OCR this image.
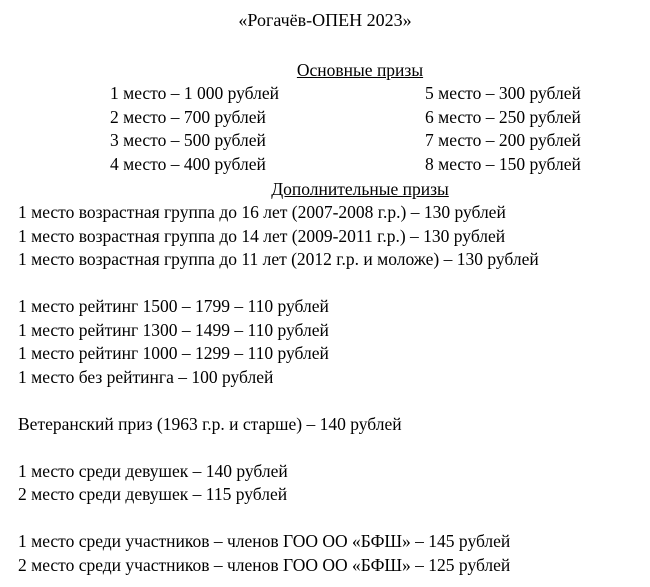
«Рогачёв-ОПЕН 2023»
Основные призы
1 место – 1 000 рублей
2 место – 700 рублей
3 место – 500 рублей
4 место – 400 рублей
5 место – 300 рублей
6 место – 250 рублей
7 место – 200 рублей
8 место – 150 рублей
Дополнительные призы
1 место возрастная группа до 16 лет (2007-2008 г.р.) – 130 рублей
1 место возрастная группа до 14 лет (2009-2011 г.р.) – 130 рублей
1 место возрастная группа до 11 лет (2012 г.р. и моложе) – 130 рублей
1 место рейтинг 1500 – 1799 – 110 рублей
1 место рейтинг 1300 – 1499 – 110 рублей
1 место рейтинг 1000 – 1299 – 110 рублей
1 место без рейтинга – 100 рублей
Ветеранский приз (1963 г.р. и старше) – 140 рублей
1 место среди девушек – 140 рублей
2 место среди девушек – 115 рублей
1 место среди участников – членов ГОО ОО «БФШ» – 145 рублей
2 место среди участников – членов ГОО ОО «БФШ» – 125 рублей
